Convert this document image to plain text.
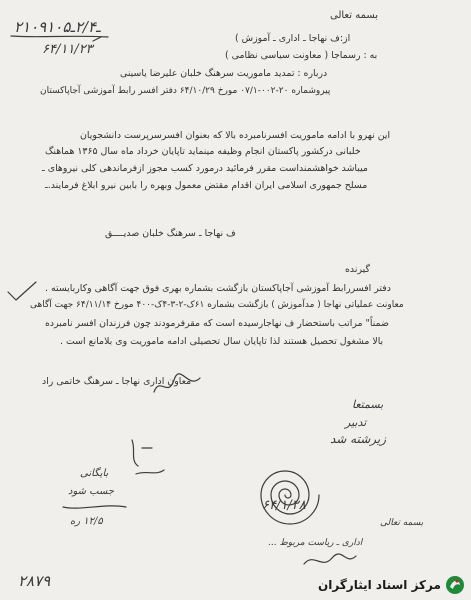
بسمه تعالی
از:ف نهاجا ـ اداری ـ آموزش )
به : رسماجا ( معاونت سیاسی نظامی )
درباره : تمدید ماموریت سرهنگ خلبان علیرضا یاسینی
پیروشماره ۲۰-۰۰۲-۰۷/۱ مورخ ۶۴/۱۰/۲۹ دفتر افسر رابط آموزشی آجاپاکستان
۲۱۰۹ـ۲/۴ـ۱۰۵
۶۴/۱۱/۲۳
این نهرو با ادامه ماموریت افسرنامبرده بالا که بعنوان افسرسرپرست دانشجویان
خلبانی درکشور پاکستان انجام وظیفه مینماید تاپایان خرداد ماه سال ۱۳۶۵ هماهنگ
میباشد خواهشمنداست مقرر فرمائید درمورد کسب مجوز ازفرماندهی کلی نیروهای ـ
مسلح جمهوری اسلامی ایران اقدام مقتض معمول وبهره را بابین نیرو ابلاغ فرمایند.ـ
ف نهاجا ـ سرهنگ خلبان صدیــــق
گیرنده
دفتر افسررابط آموزشی آجاپاکستان بازگشت بشماره بهری فوق جهت آگاهی وکاربایسته .
معاونت عملیاتی نهاجا ( مدآموزش ) بازگشت بشماره ۶۱ک-۲-۳-۴ک-۴۰۰ مورخ ۶۴/۱۱/۱۴ جهت آگاهی
ضمناً" مراتب باستحضار ف نهاجارسیده است که مقرفرمودند چون فرزندان افسر نامبرده
بالا مشغول تحصیل هستند لذا تاپایان سال تحصیلی ادامه ماموریت وی بلامانع است .
معاون اداری نهاجا ـ سرهنگ خاتمی راد
بسمتعا
تدبیر
زیرشته شد
بایگانی
جسب شود
۱۲/۵ ره
۶۴/۱/۲۸
بسمه تعالی
اداری ـ ریاست مربوط ...
۲۸۷۹	مرکز اسناد ایثارگران
